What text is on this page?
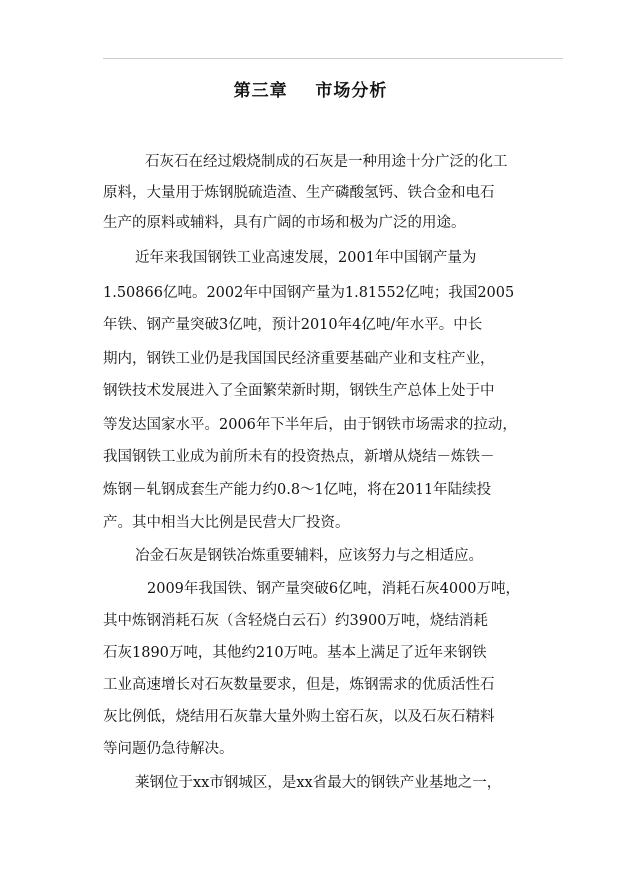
第三章    市场分析
石灰石在经过煅烧制成的石灰是一种用途十分广泛的化工
原料，大量用于炼钢脱硫造渣、生产磷酸氢钙、铁合金和电石
生产的原料或辅料，具有广阔的市场和极为广泛的用途。
近年来我国钢铁工业高速发展，2001年中国钢产量为
1.50866亿吨。2002年中国钢产量为1.81552亿吨；我国2005
年铁、钢产量突破3亿吨，预计2010年4亿吨/年水平。中长
期内，钢铁工业仍是我国国民经济重要基础产业和支柱产业，
钢铁技术发展进入了全面繁荣新时期，钢铁生产总体上处于中
等发达国家水平。2006年下半年后，由于钢铁市场需求的拉动，
我国钢铁工业成为前所未有的投资热点，新增从烧结－炼铁－
炼钢－轧钢成套生产能力约0.8～1亿吨，将在2011年陆续投
产。其中相当大比例是民营大厂投资。
冶金石灰是钢铁冶炼重要辅料，应该努力与之相适应。
2009年我国铁、钢产量突破6亿吨，消耗石灰4000万吨，
其中炼钢消耗石灰（含轻烧白云石）约3900万吨，烧结消耗
石灰1890万吨，其他约210万吨。基本上满足了近年来钢铁
工业高速增长对石灰数量要求，但是，炼钢需求的优质活性石
灰比例低，烧结用石灰靠大量外购土窑石灰，以及石灰石精料
等问题仍急待解决。
莱钢位于xx市钢城区，是xx省最大的钢铁产业基地之一，
